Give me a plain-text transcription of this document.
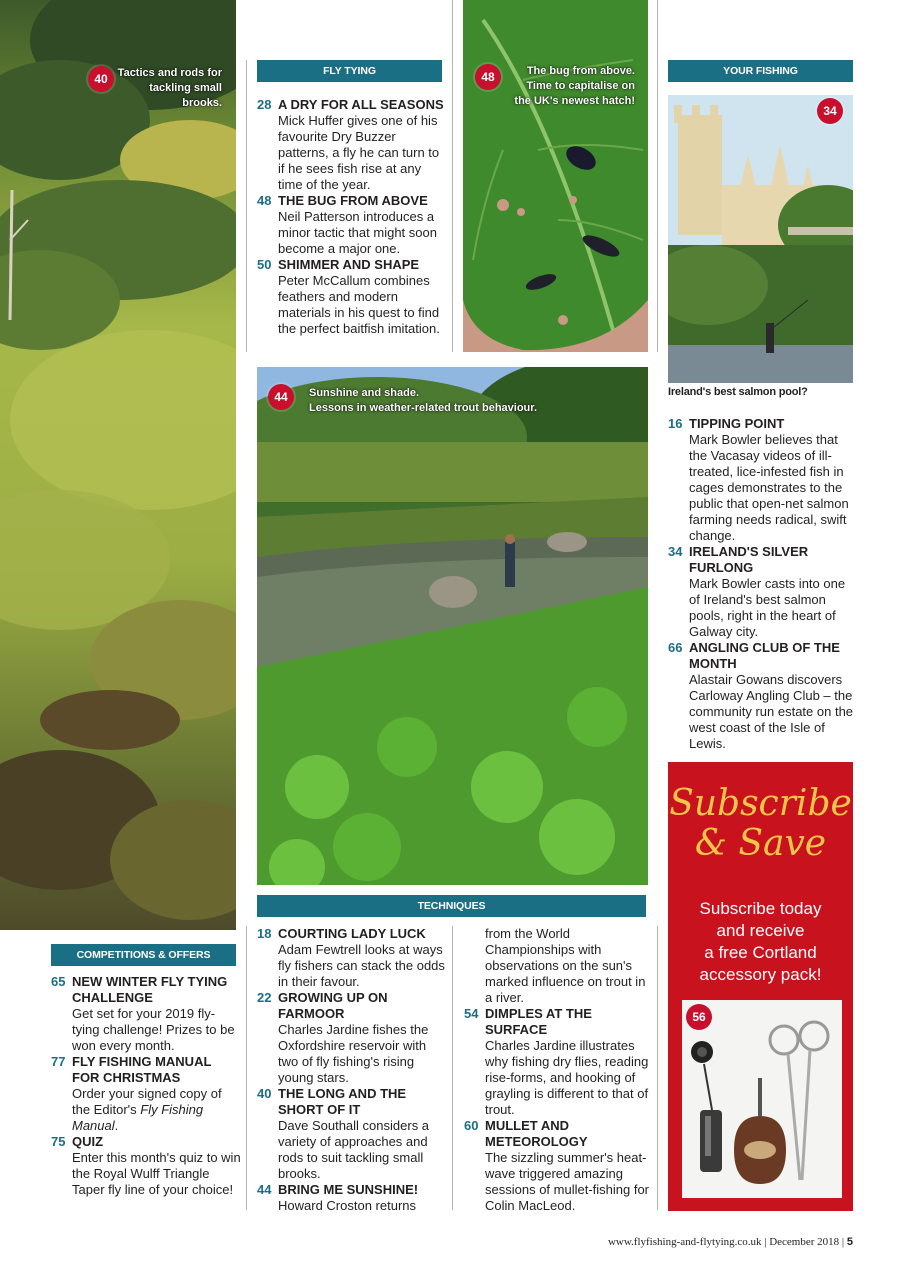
40 Tactics and rods for tackling small brooks.
FLY TYING
28 A DRY FOR ALL SEASONS
Mick Huffer gives one of his favourite Dry Buzzer patterns, a fly he can turn to if he sees fish rise at any time of the year.
48 THE BUG FROM ABOVE
Neil Patterson introduces a minor tactic that might soon become a major one.
50 SHIMMER AND SHAPE
Peter McCallum combines feathers and modern materials in his quest to find the perfect baitfish imitation.
48	The bug from above. Time to capitalise on the UK's newest hatch!
44	Sunshine and shade.
Lessons in weather-related trout behaviour.
YOUR FISHING
34
Ireland's best salmon pool?
16 TIPPING POINT
Mark Bowler believes that the Vacasay videos of ill-treated, lice-infested fish in cages demonstrates to the public that open-net salmon farming needs radical, swift change.
34 IRELAND'S SILVER FURLONG
Mark Bowler casts into one of Ireland's best salmon pools, right in the heart of Galway city.
66 ANGLING CLUB OF THE MONTH
Alastair Gowans discovers Carloway Angling Club – the community run estate on the west coast of the Isle of Lewis.
Subscribe
& Save
Subscribe today
and receive
a free Cortland
accessory pack!
56
COMPETITIONS & OFFERS
65 NEW WINTER FLY TYING CHALLENGE
Get set for your 2019 fly-tying challenge! Prizes to be won every month.
77 FLY FISHING MANUAL FOR CHRISTMAS
Order your signed copy of the Editor's Fly Fishing Manual.
75 QUIZ
Enter this month's quiz to win the Royal Wulff Triangle Taper fly line of your choice!
TECHNIQUES
18 COURTING LADY LUCK
Adam Fewtrell looks at ways fly fishers can stack the odds in their favour.
22 GROWING UP ON FARMOOR
Charles Jardine fishes the Oxfordshire reservoir with two of fly fishing's rising young stars.
40 THE LONG AND THE SHORT OF IT
Dave Southall considers a variety of approaches and rods to suit tackling small brooks.
44 BRING ME SUNSHINE!
Howard Croston returns
from the World Championships with observations on the sun's marked influence on trout in a river.
54 DIMPLES AT THE SURFACE
Charles Jardine illustrates why fishing dry flies, reading rise-forms, and hooking of grayling is different to that of trout.
60 MULLET AND METEOROLOGY
The sizzling summer's heat-wave triggered amazing sessions of mullet-fishing for Colin MacLeod.
www.flyfishing-and-flytying.co.uk | December 2018 | 5
